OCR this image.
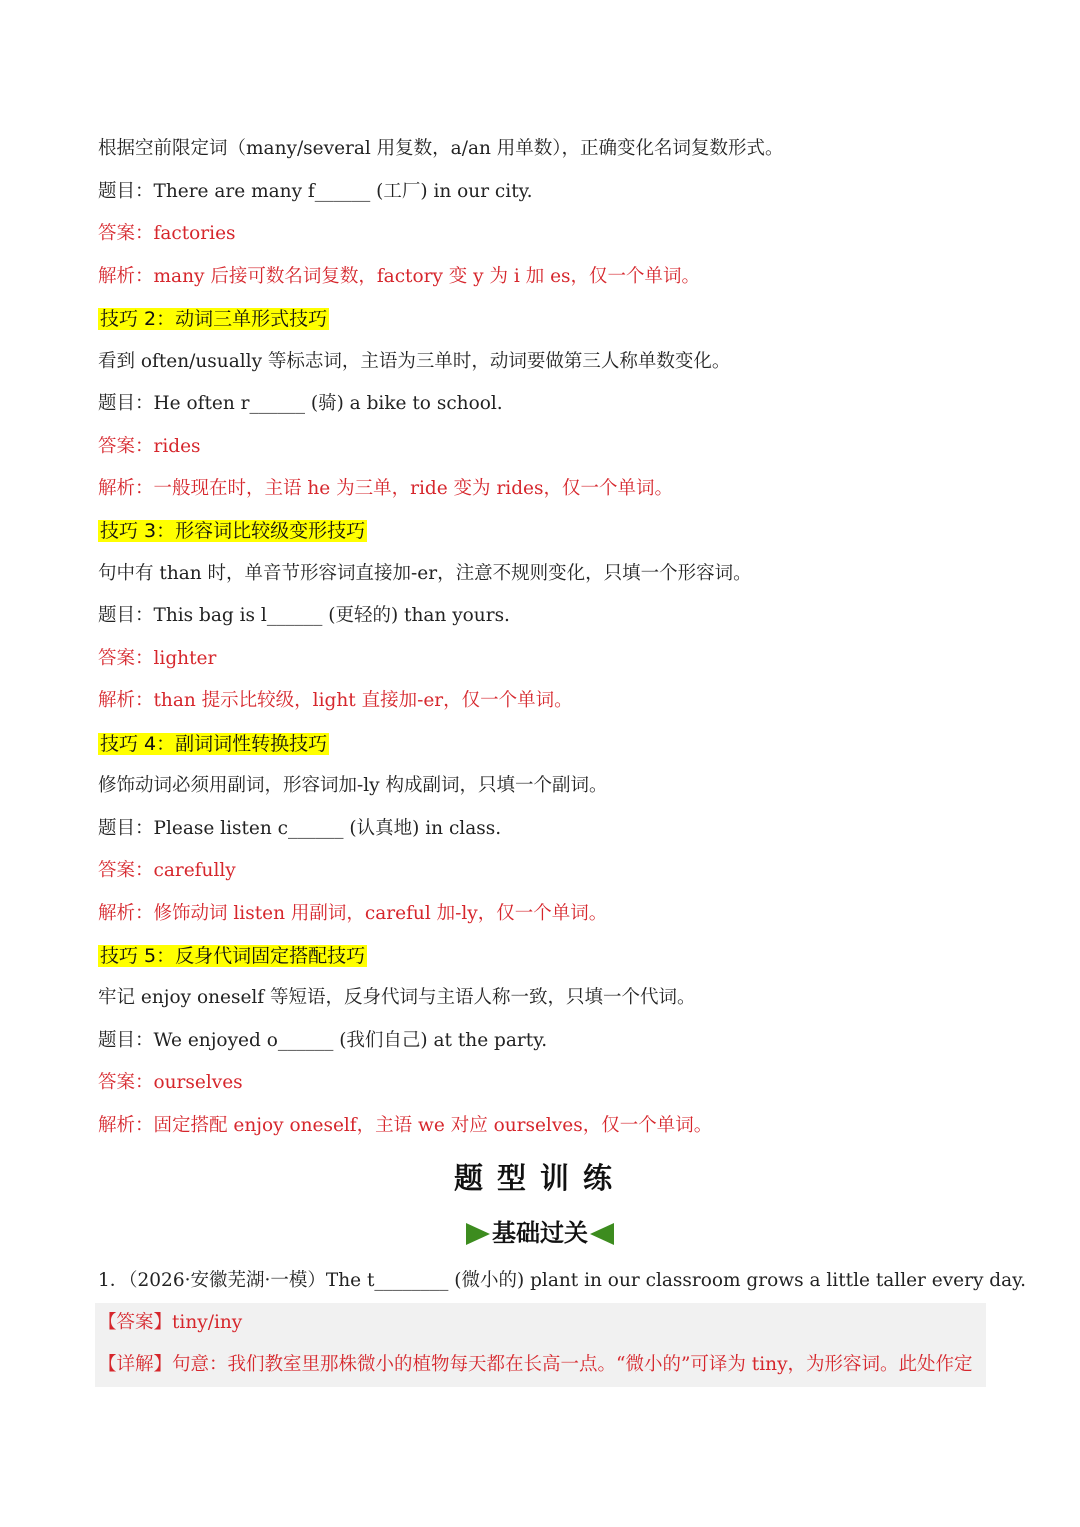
根据空前限定词（many/several 用复数，a/an 用单数），正确变化名词复数形式。

题目：There are many f______ (工厂) in our city.

答案：factories

解析：many 后接可数名词复数，factory 变 y 为 i 加 es，仅一个单词。

技巧 2：动词三单形式技巧

看到 often/usually 等标志词，主语为三单时，动词要做第三人称单数变化。

题目：He often r______ (骑) a bike to school.

答案：rides

解析：一般现在时，主语 he 为三单，ride 变为 rides，仅一个单词。

技巧 3：形容词比较级变形技巧

句中有 than 时，单音节形容词直接加-er，注意不规则变化，只填一个形容词。

题目：This bag is l______ (更轻的) than yours.

答案：lighter

解析：than 提示比较级，light 直接加-er，仅一个单词。

技巧 4：副词词性转换技巧

修饰动词必须用副词，形容词加-ly 构成副词，只填一个副词。

题目：Please listen c______ (认真地) in class.

答案：carefully

解析：修饰动词 listen 用副词，careful 加-ly，仅一个单词。

技巧 5：反身代词固定搭配技巧

牢记 enjoy oneself 等短语，反身代词与主语人称一致，只填一个代词。

题目：We enjoyed o______ (我们自己) at the party.

答案：ourselves

解析：固定搭配 enjoy oneself，主语 we 对应 ourselves，仅一个单词。

题型训练
基础过关

1．（2026·安徽芜湖·一模）The t________ (微小的) plant in our classroom grows a little taller every day.

【答案】tiny/iny

【详解】句意：我们教室里那株微小的植物每天都在长高一点。“微小的”可译为 tiny，为形容词。此处作定
